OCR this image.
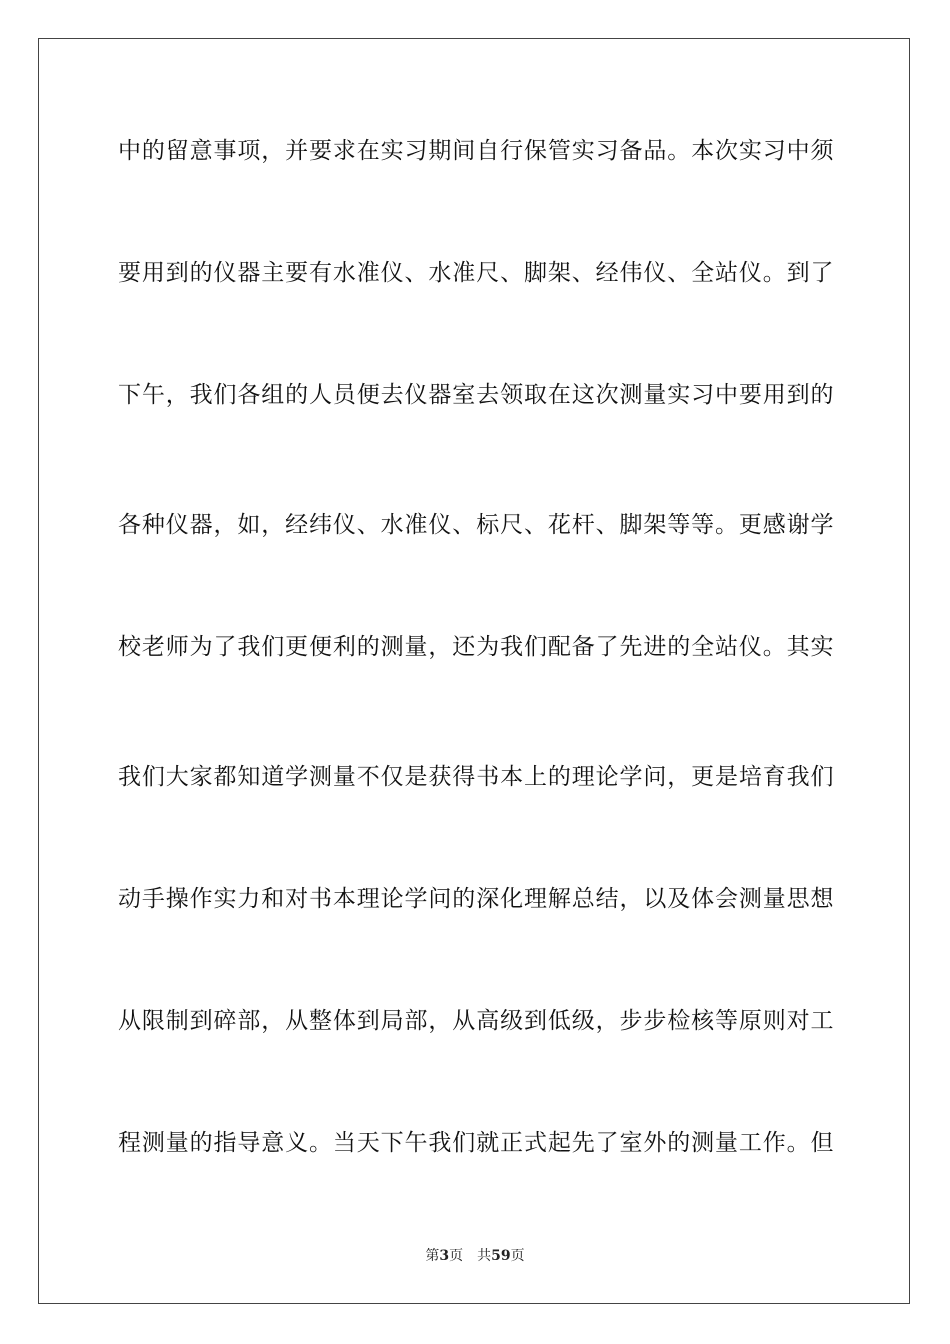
中的留意事项，并要求在实习期间自行保管实习备品。本次实习中须
要用到的仪器主要有水准仪、水准尺、脚架、经伟仪、全站仪。到了
下午，我们各组的人员便去仪器室去领取在这次测量实习中要用到的
各种仪器，如，经纬仪、水准仪、标尺、花杆、脚架等等。更感谢学
校老师为了我们更便利的测量，还为我们配备了先进的全站仪。其实
我们大家都知道学测量不仅是获得书本上的理论学问，更是培育我们
动手操作实力和对书本理论学问的深化理解总结，以及体会测量思想
从限制到碎部，从整体到局部，从高级到低级，步步检核等原则对工
程测量的指导意义。当天下午我们就正式起先了室外的测量工作。但
第3页 共59页
